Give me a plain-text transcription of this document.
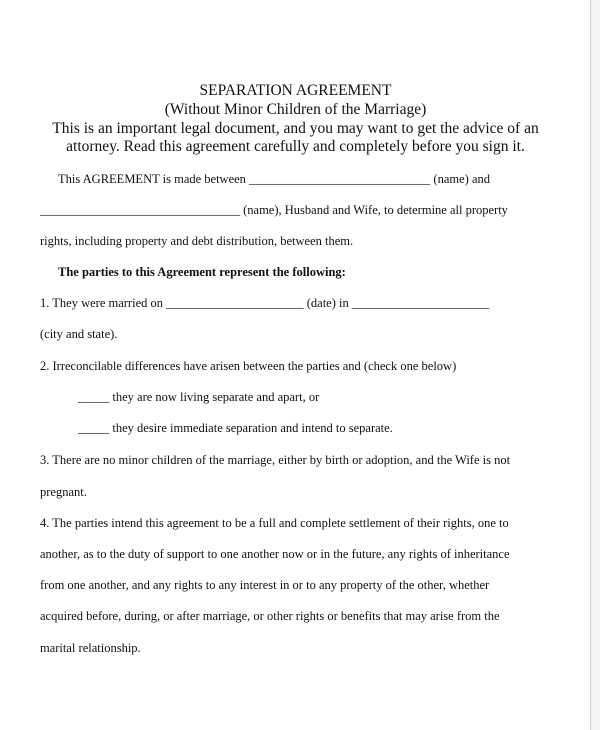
SEPARATION AGREEMENT
(Without Minor Children of the Marriage)
This is an important legal document, and you may want to get the advice of an
attorney. Read this agreement carefully and completely before you sign it.
This AGREEMENT is made between _____________________________ (name) and
________________________________ (name), Husband and Wife, to determine all property
rights, including property and debt distribution, between them.
The parties to this Agreement represent the following:
1. They were married on ______________________ (date) in ______________________
(city and state).
2. Irreconcilable differences have arisen between the parties and (check one below)
_____ they are now living separate and apart, or
_____ they desire immediate separation and intend to separate.
3. There are no minor children of the marriage, either by birth or adoption, and the Wife is not
pregnant.
4. The parties intend this agreement to be a full and complete settlement of their rights, one to
another, as to the duty of support to one another now or in the future, any rights of inheritance
from one another, and any rights to any interest in or to any property of the other, whether
acquired before, during, or after marriage, or other rights or benefits that may arise from the
marital relationship.
